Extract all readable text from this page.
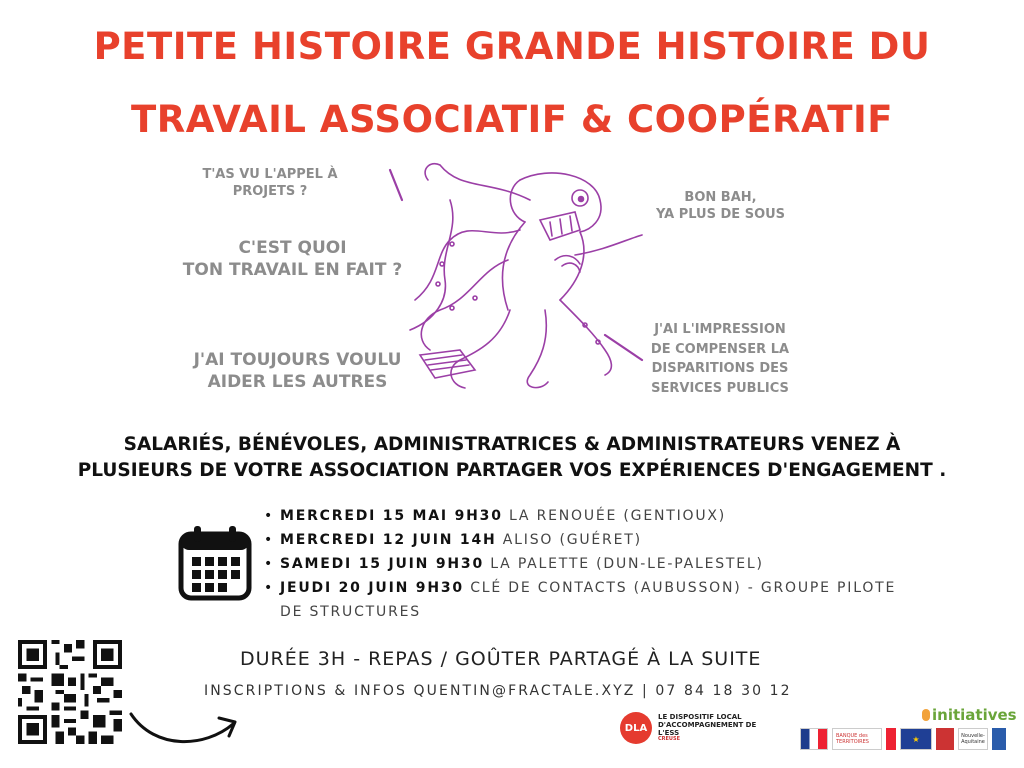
PETITE HISTOIRE GRANDE HISTOIRE DU
TRAVAIL ASSOCIATIF & COOPÉRATIF
T'AS VU L'APPEL À
PROJETS ?
C'EST QUOI
TON TRAVAIL EN FAIT ?
J'AI TOUJOURS VOULU
AIDER LES AUTRES
BON BAH,
YA PLUS DE SOUS
J'AI L'IMPRESSION
DE COMPENSER LA
DISPARITIONS DES
SERVICES PUBLICS
SALARIÉS, BÉNÉVOLES, ADMINISTRATRICES & ADMINISTRATEURS VENEZ À
PLUSIEURS DE VOTRE ASSOCIATION PARTAGER VOS EXPÉRIENCES D'ENGAGEMENT .
• MERCREDI 15 MAI 9H30 LA RENOUÉE (GENTIOUX)
• MERCREDI 12 JUIN 14H ALISO (GUÉRET)
• SAMEDI 15 JUIN 9H30 LA PALETTE (DUN-LE-PALESTEL)
• JEUDI 20 JUIN 9H30 CLÉ DE CONTACTS (AUBUSSON) - GROUPE PILOTE DE STRUCTURES
DURÉE 3H - REPAS / GOÛTER PARTAGÉ À LA SUITE
INSCRIPTIONS & INFOS QUENTIN@FRACTALE.XYZ | 07 84 18 30 12
DLA
LE DISPOSITIF LOCAL
D'ACCOMPAGNEMENT DE L'ESS
CREUSE
initiatives
BANQUE des TERRITOIRES	★	Nouvelle-Aquitaine
